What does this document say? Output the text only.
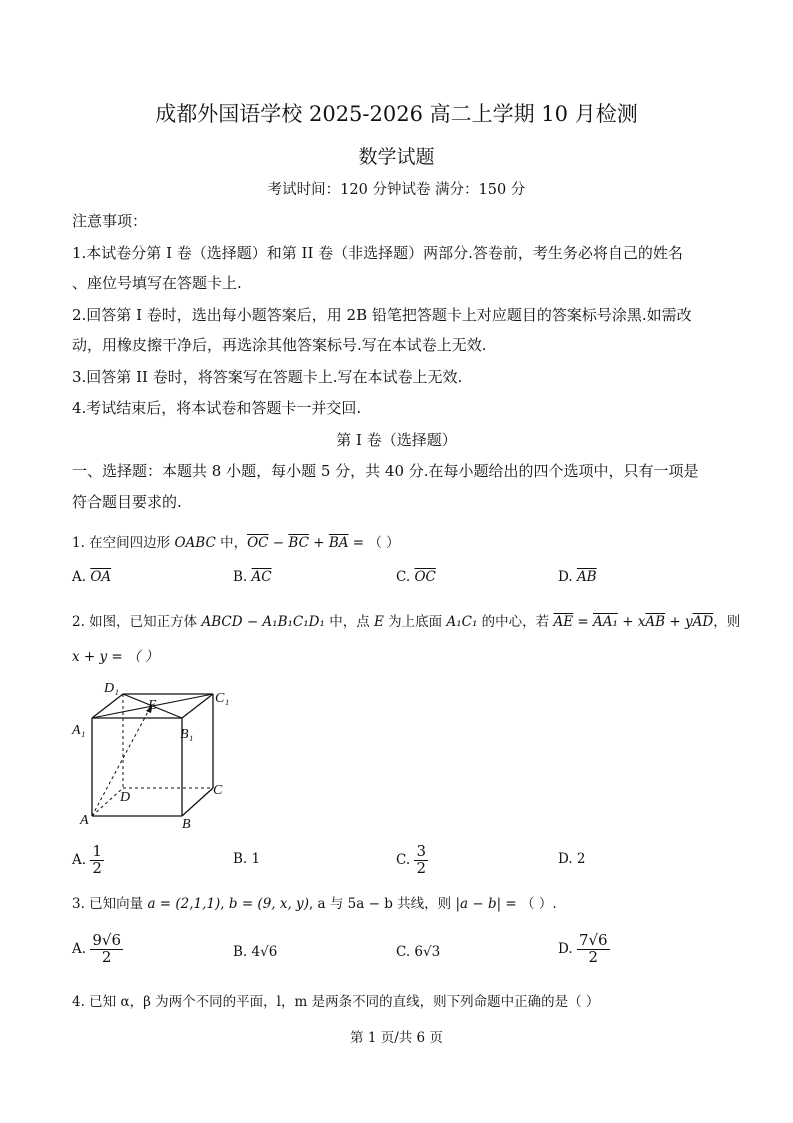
成都外国语学校 2025-2026 高二上学期 10 月检测
数学试题
考试时间：120 分钟试卷 满分：150 分
注意事项：
1.本试卷分第 I 卷（选择题）和第 II 卷（非选择题）两部分.答卷前，考生务必将自己的姓名
、座位号填写在答题卡上.
2.回答第 I 卷时，选出每小题答案后，用 2B 铅笔把答题卡上对应题目的答案标号涂黑.如需改
动，用橡皮擦干净后，再选涂其他答案标号.写在本试卷上无效.
3.回答第 II 卷时，将答案写在答题卡上.写在本试卷上无效.
4.考试结束后，将本试卷和答题卡一并交回.
第 I 卷（选择题）
一、选择题：本题共 8 小题，每小题 5 分，共 40 分.在每小题给出的四个选项中，只有一项是
符合题目要求的.
1. 在空间四边形 OABC 中，$\overline{OC} - \overline{BC} + \overline{BA}$ = （ ）
A. $\overline{OA}$	B. $\overline{AC}$	C. $\overline{OC}$	D. $\overline{AB}$
2. 如图，已知正方体 ABCD − A₁B₁C₁D₁ 中，点 E 为上底面 A₁C₁ 的中心，若 $\overline{AE} = AA_1 + x\overline{AB} + y\overline{AD}$，则
x + y = （ ）
D₁
C₁
A₁	B₁
E
D	C
A	B
A. $\frac{1}{2}$	B. 1	C. $\frac{3}{2}$	D. 2
3. 已知向量 a = (2,1,1), b = (9, x, y), a 与 5a − b 共线，则 |a − b| = （ ）.
A. $\frac{9√6}{2}$	B. 4√6	C. 6√3	D. $\frac{7√6}{2}$
4. 已知 α，β 为两个不同的平面，l，m 是两条不同的直线，则下列命题中正确的是（ ）
第 1 页/共 6 页
